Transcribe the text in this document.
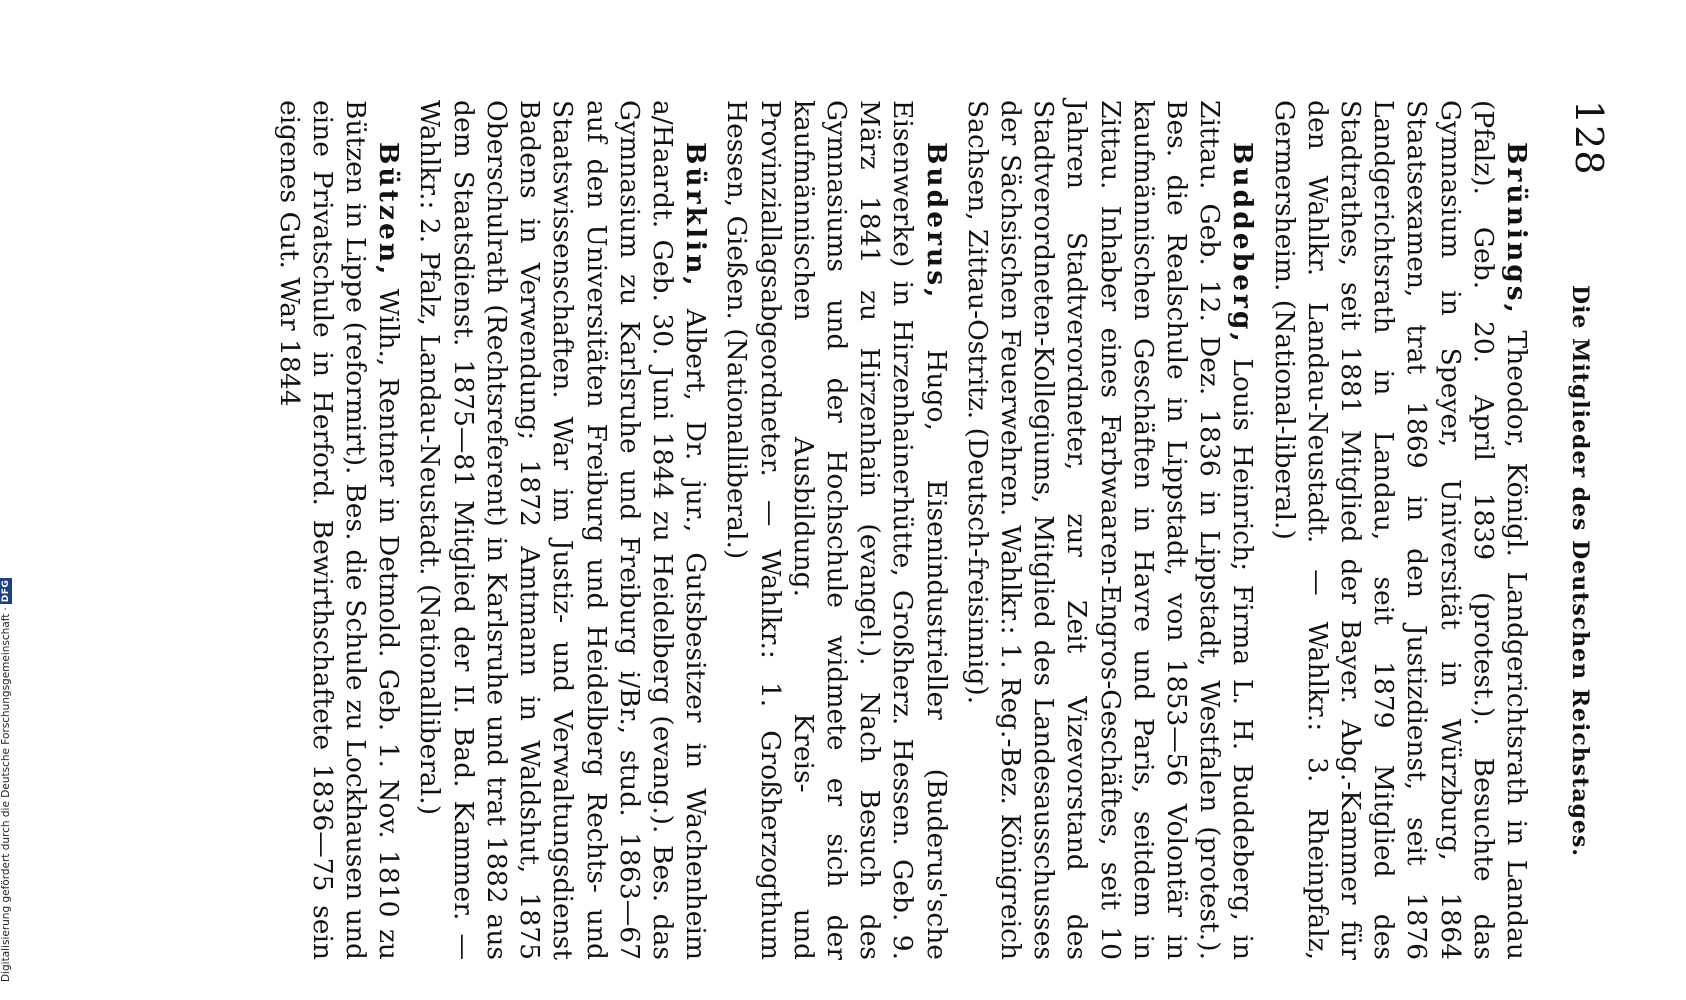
128
Die Mitglieder des Deutschen Reichstages.

Brünings, Theodor, Königl. Landgerichtsrath in Landau (Pfalz). Geb. 20. April 1839 (protest.). Besuchte das Gymnasium in Speyer, Universität in Würzburg, 1864 Staatsexamen, trat 1869 in den Justizdienst, seit 1876 Landgerichtsrath in Landau, seit 1879 Mitglied des Stadtrathes, seit 1881 Mitglied der Bayer. Abg.-Kammer für den Wahlkr. Landau-Neustadt. — Wahlkr.: 3. Rheinpfalz, Germersheim. (National-liberal.)

Buddeberg, Louis Heinrich; Firma L. H. Buddeberg, in Zittau. Geb. 12. Dez. 1836 in Lippstadt, Westfalen (protest.). Bes. die Realschule in Lippstadt, von 1853—56 Volontär in kaufmännischen Geschäften in Havre und Paris, seitdem in Zittau. Inhaber eines Farbwaaren-Engros-Geschäftes, seit 10 Jahren Stadtverordneter, zur Zeit Vizevorstand des Stadtverordneten-Kollegiums, Mitglied des Landesausschusses der Sächsischen Feuerwehren. Wahlkr.: 1. Reg.-Bez. Königreich Sachsen, Zittau-Ostritz. (Deutsch-freisinnig).

Buderus, Hugo, Eisenindustrieller (Buderus'sche Eisenwerke) in Hirzenhainerhütte, Großherz. Hessen. Geb. 9. März 1841 zu Hirzenhain (evangel.). Nach Besuch des Gymnasiums und der Hochschule widmete er sich der kaufmännischen Ausbildung. Kreis- und Provinziallagsabgeordneter. — Wahlkr.: 1. Großherzogthum Hessen, Gießen. (Nationalliberal.)

Bürklin, Albert, Dr. jur., Gutsbesitzer in Wachenheim a/Haardt. Geb. 30. Juni 1844 zu Heidelberg (evang.). Bes. das Gymnasium zu Karlsruhe und Freiburg i/Br., stud. 1863—67 auf den Universitäten Freiburg und Heidelberg Rechts- und Staatswissenschaften. War im Justiz- und Verwaltungsdienst Badens in Verwendung; 1872 Amtmann in Waldshut, 1875 Oberschulrath (Rechtsreferent) in Karlsruhe und trat 1882 aus dem Staatsdienst. 1875—81 Mitglied der II. Bad. Kammer. — Wahlkr.: 2. Pfalz, Landau-Neustadt. (Nationalliberal.)

Bützen, Wilh., Rentner in Detmold. Geb. 1. Nov. 1810 zu Bützen in Lippe (reformirt). Bes. die Schule zu Lockhausen und eine Privatschule in Herford. Bewirthschaftete 1836—75 sein eigenes Gut. War 1844

Digitalisierung gefördert durch die Deutsche Forschungsgemeinschaft
·
DFG
